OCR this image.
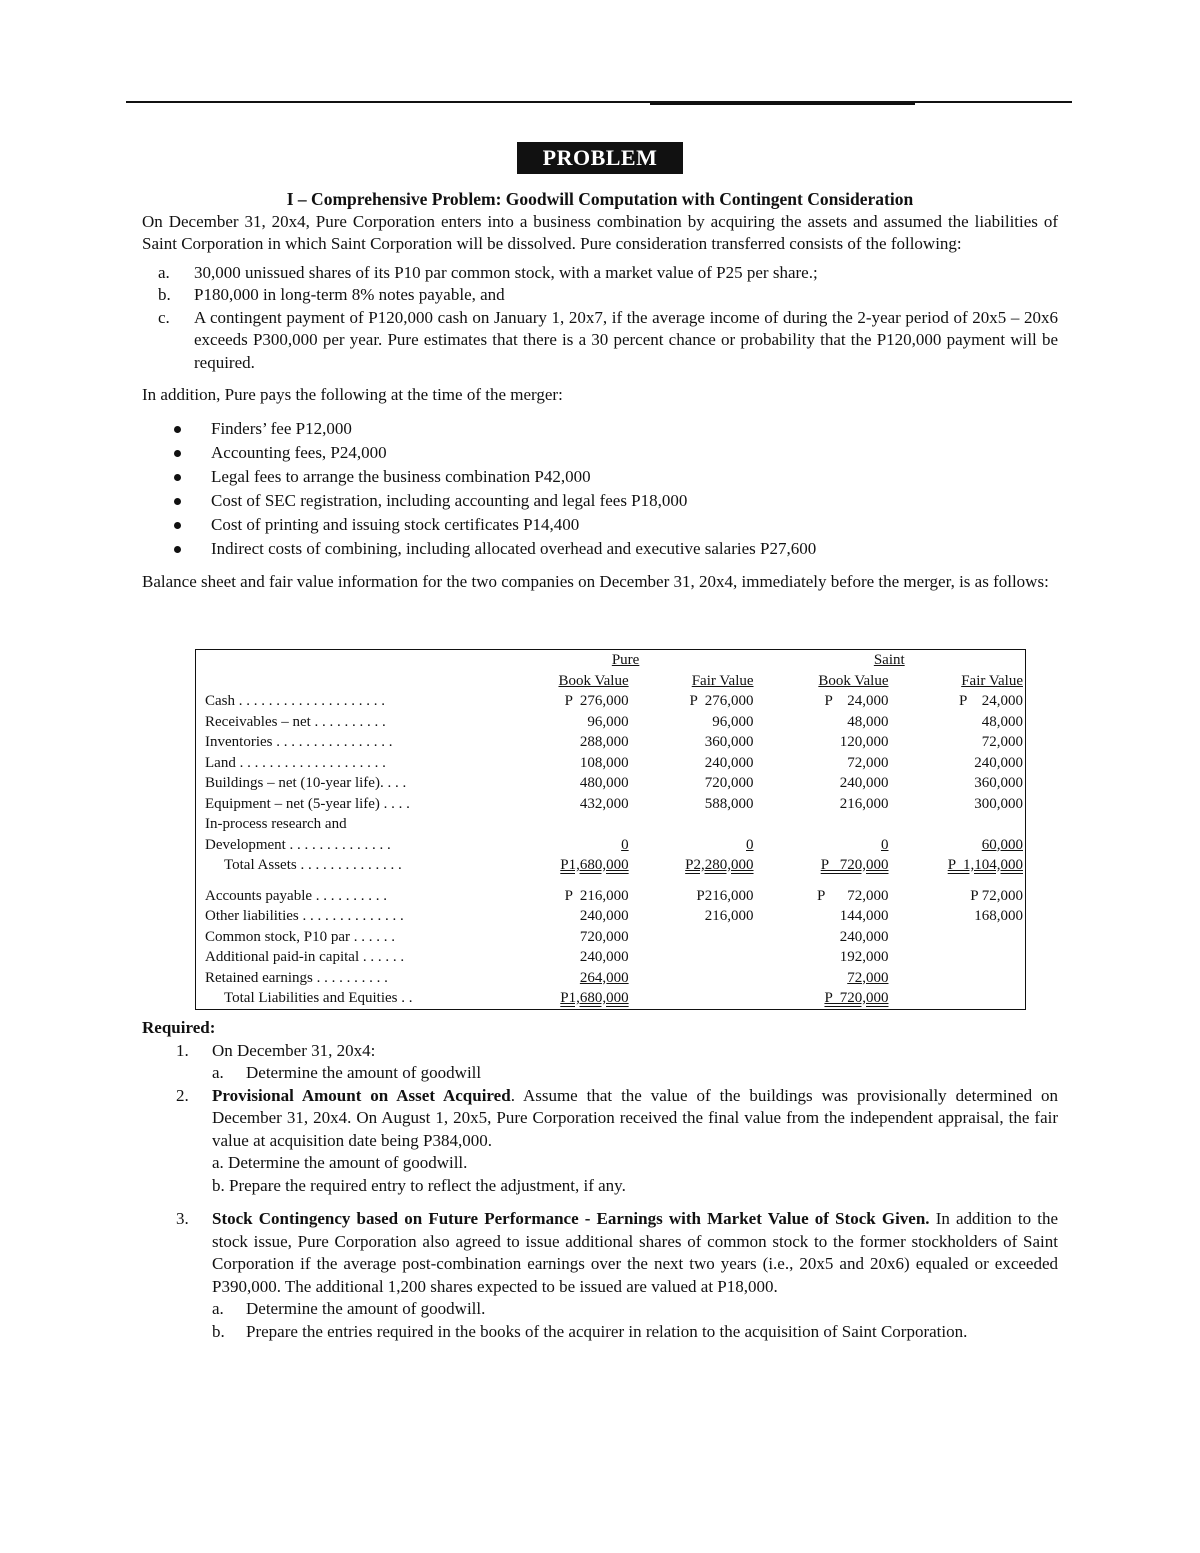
PROBLEM
I – Comprehensive Problem: Goodwill Computation with Contingent Consideration

On December 31, 20x4, Pure Corporation enters into a business combination by acquiring the assets and assumed the liabilities of Saint Corporation in which Saint Corporation will be dissolved. Pure consideration transferred consists of the following:

a. 30,000 unissued shares of its P10 par common stock, with a market value of P25 per share.;
b. P180,000 in long-term 8% notes payable, and
c. A contingent payment of P120,000 cash on January 1, 20x7, if the average income of during the 2-year period of 20x5 – 20x6 exceeds P300,000 per year. Pure estimates that there is a 30 percent chance or probability that the P120,000 payment will be required.

In addition, Pure pays the following at the time of the merger:

Finders’ fee P12,000
Accounting fees, P24,000
Legal fees to arrange the business combination P42,000
Cost of SEC registration, including accounting and legal fees P18,000
Cost of printing and issuing stock certificates P14,400
Indirect costs of combining, including allocated overhead and executive salaries P27,600

Balance sheet and fair value information for the two companies on December 31, 20x4, immediately before the merger, is as follows:

	Pure		Saint	
	Book Value	Fair Value	Book Value	Fair Value
Cash . . . . . . . . . . . . . . . . . . . .	P  276,000	P  276,000	P    24,000	P    24,000
Receivables – net . . . . . . . . . .	96,000	96,000	48,000	48,000
Inventories . . . . . . . . . . . . . . . .	288,000	360,000	120,000	72,000
Land . . . . . . . . . . . . . . . . . . . .	108,000	240,000	72,000	240,000
Buildings – net (10-year life). . . .	480,000	720,000	240,000	360,000
Equipment – net (5-year life) . . . .	432,000	588,000	216,000	300,000
In-process research and				
Development . . . . . . . . . . . . . .	0	0	0	60,000
Total Assets . . . . . . . . . . . . . .	P1,680,000	P2,280,000	P   720,000	P  1,104,000

Accounts payable . . . . . . . . . .	P  216,000	P216,000	P      72,000	P 72,000
Other liabilities . . . . . . . . . . . . . .	240,000	216,000	144,000	168,000
Common stock, P10 par . . . . . .	720,000		240,000	
Additional paid-in capital . . . . . .	240,000		192,000	
Retained earnings . . . . . . . . . .	264,000		72,000	
Total Liabilities and Equities . .	P1,680,000		P  720,000	
Required:
1. On December 31, 20x4:
a. Determine the amount of goodwill
2. Provisional Amount on Asset Acquired. Assume that the value of the buildings was provisionally determined on December 31, 20x4. On August 1, 20x5, Pure Corporation received the final value from the independent appraisal, the fair value at acquisition date being P384,000.
a. Determine the amount of goodwill.
b. Prepare the required entry to reflect the adjustment, if any.
3. Stock Contingency based on Future Performance - Earnings with Market Value of Stock Given. In addition to the stock issue, Pure Corporation also agreed to issue additional shares of common stock to the former stockholders of Saint Corporation if the average post-combination earnings over the next two years (i.e., 20x5 and 20x6) equaled or exceeded P390,000. The additional 1,200 shares expected to be issued are valued at P18,000.
a. Determine the amount of goodwill.
b. Prepare the entries required in the books of the acquirer in relation to the acquisition of Saint Corporation.
